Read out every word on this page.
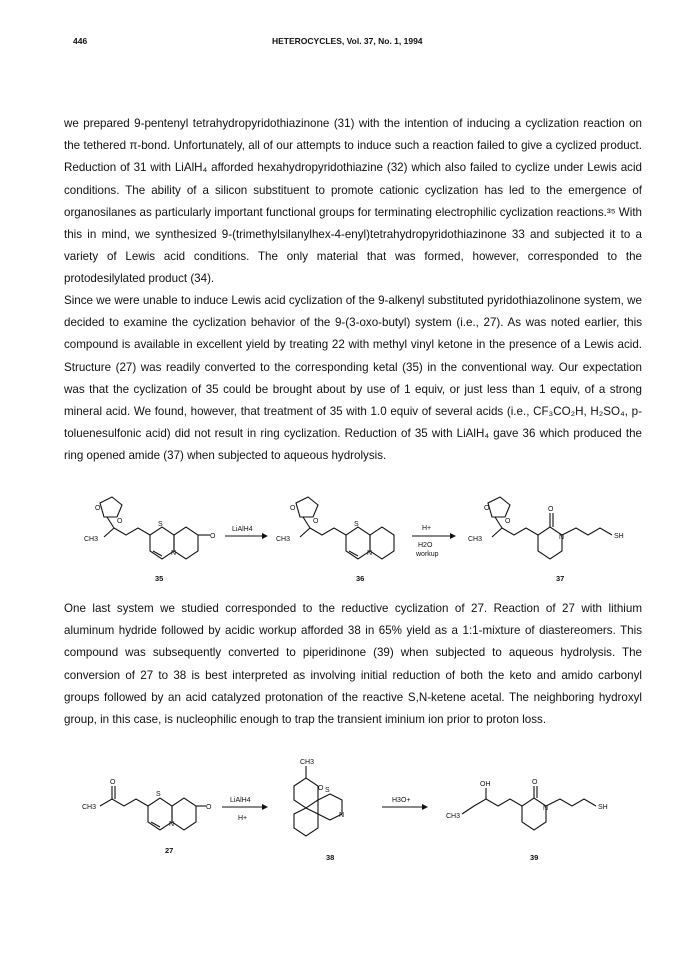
446	HETEROCYCLES, Vol. 37, No. 1, 1994

we prepared 9-pentenyl tetrahydropyridothiazinone (31) with the intention of inducing a cyclization reaction on the tethered π-bond. Unfortunately, all of our attempts to induce such a reaction failed to give a cyclized product. Reduction of 31 with LiAlH₄ afforded hexahydropyridothiazine (32) which also failed to cyclize under Lewis acid conditions. The ability of a silicon substituent to promote cationic cyclization has led to the emergence of organosilanes as particularly important functional groups for terminating electrophilic cyclization reactions.³⁵ With this in mind, we synthesized 9-(trimethylsilanylhex-4-enyl)tetrahydropyridothiazinone 33 and subjected it to a variety of Lewis acid conditions. The only material that was formed, however, corresponded to the protodesilylated product (34).

Since we were unable to induce Lewis acid cyclization of the 9-alkenyl substituted pyridothiazolinone system, we decided to examine the cyclization behavior of the 9-(3-oxo-butyl) system (i.e., 27). As was noted earlier, this compound is available in excellent yield by treating 22 with methyl vinyl ketone in the presence of a Lewis acid. Structure (27) was readily converted to the corresponding ketal (35) in the conventional way. Our expectation was that the cyclization of 35 could be brought about by use of 1 equiv, or just less than 1 equiv, of a strong mineral acid. We found, however, that treatment of 35 with 1.0 equiv of several acids (i.e., CF₃CO₂H, H₂SO₄, p-toluenesulfonic acid) did not result in ring cyclization. Reduction of 35 with LiAlH₄ gave 36 which produced the ring opened amide (37) when subjected to aqueous hydrolysis.

O
O
CH3
S
N
O
35
LiAlH4
O
O
CH3
S
N
36
H+
H2O
workup
O
O
CH3
O
N	SH
37

One last system we studied corresponded to the reductive cyclization of 27. Reaction of 27 with lithium aluminum hydride followed by acidic workup afforded 38 in 65% yield as a 1:1-mixture of diastereomers. This compound was subsequently converted to piperidinone (39) when subjected to aqueous hydrolysis. The conversion of 27 to 38 is best interpreted as involving initial reduction of both the keto and amido carbonyl groups followed by an acid catalyzed protonation of the reactive S,N-ketene acetal. The neighboring hydroxyl group, in this case, is nucleophilic enough to trap the transient iminium ion prior to proton loss.

O
CH3
S
N
O
27
LiAlH4
H+
CH3
O S
N
38
H3O+
OH	O
CH3
N	SH
39
